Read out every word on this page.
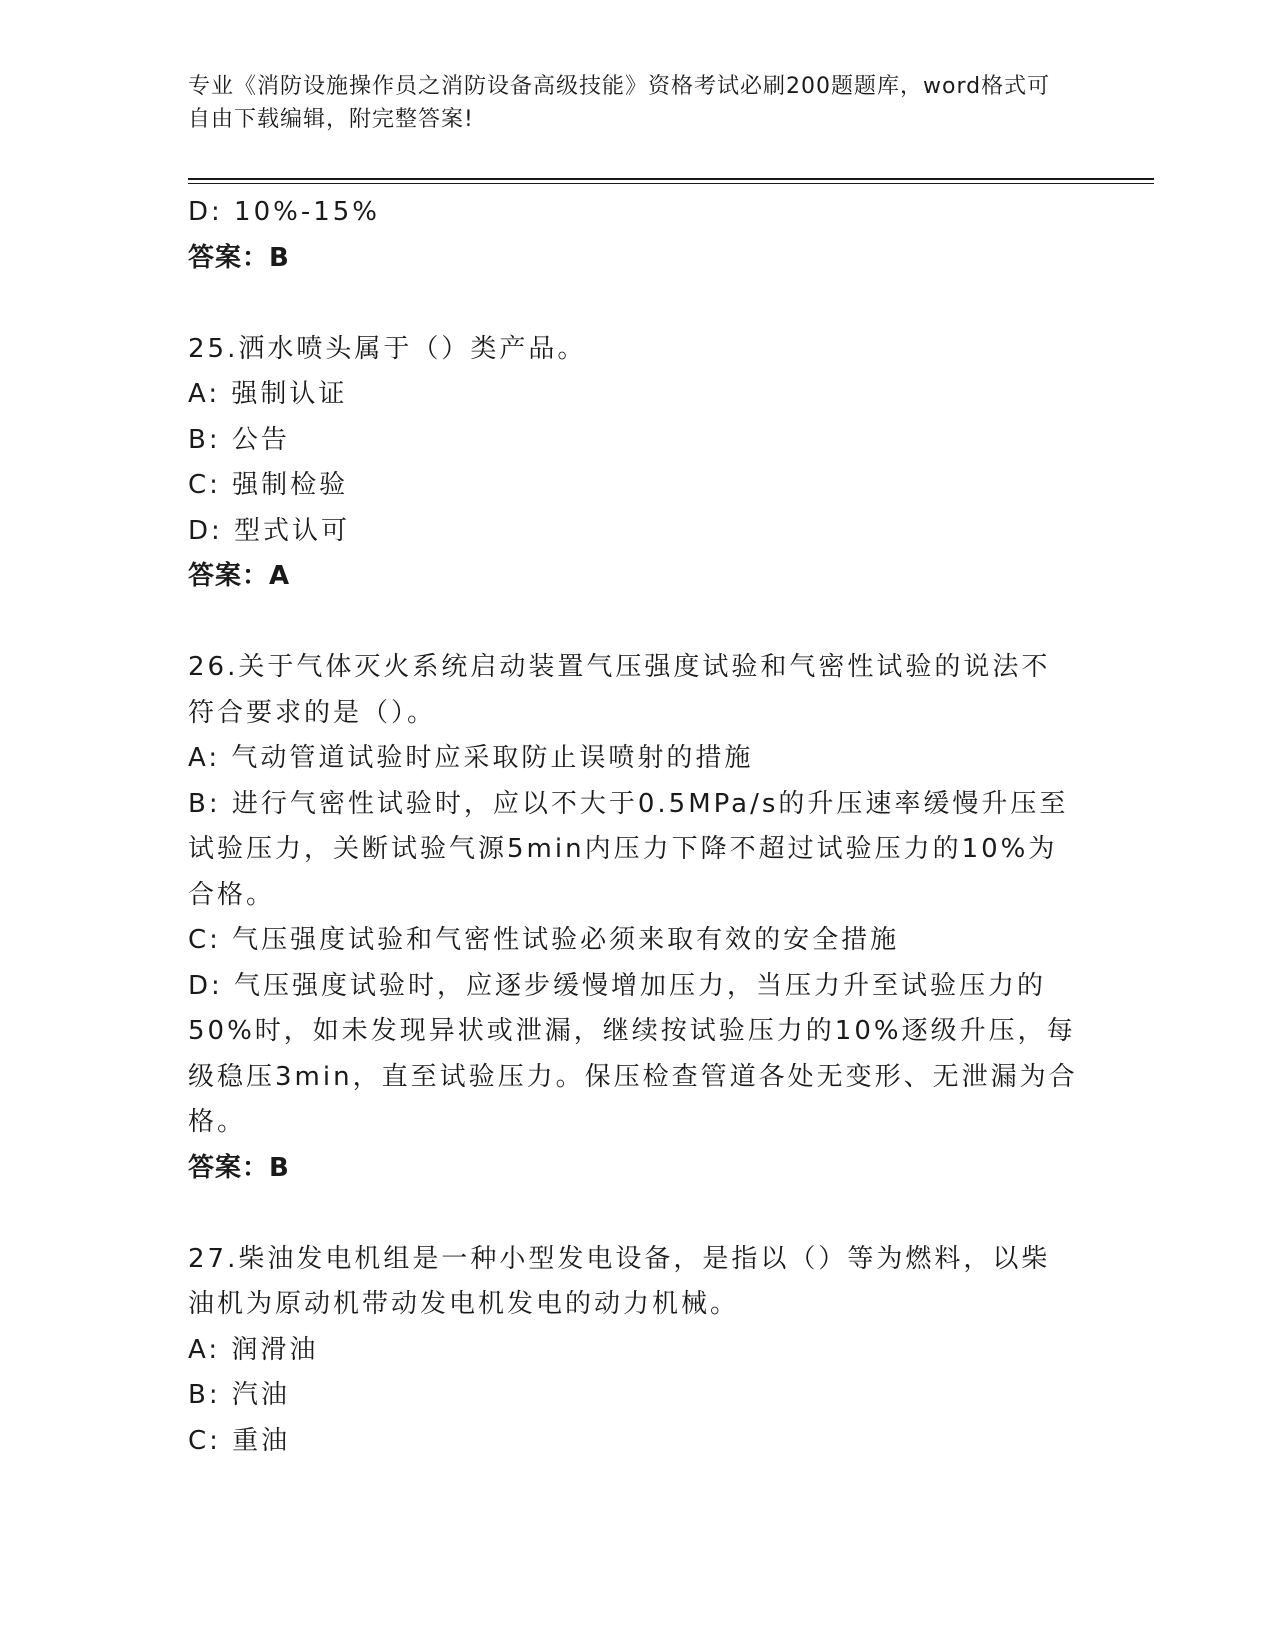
专业《消防设施操作员之消防设备高级技能》资格考试必刷200题题库，word格式可自由下载编辑，附完整答案!
D: 10%-15%
答案：B
25.洒水喷头属于（）类产品。
A: 强制认证
B: 公告
C: 强制检验
D: 型式认可
答案：A
26.关于气体灭火系统启动装置气压强度试验和气密性试验的说法不符合要求的是（）。
A: 气动管道试验时应采取防止误喷射的措施
B: 进行气密性试验时，应以不大于0.5MPa/s的升压速率缓慢升压至试验压力，关断试验气源5min内压力下降不超过试验压力的10%为合格。
C: 气压强度试验和气密性试验必须来取有效的安全措施
D: 气压强度试验时，应逐步缓慢增加压力，当压力升至试验压力的50%时，如未发现异状或泄漏，继续按试验压力的10%逐级升压，每级稳压3min，直至试验压力。保压检查管道各处无变形、无泄漏为合格。
答案：B
27.柴油发电机组是一种小型发电设备，是指以（）等为燃料，以柴油机为原动机带动发电机发电的动力机械。
A: 润滑油
B: 汽油
C: 重油
